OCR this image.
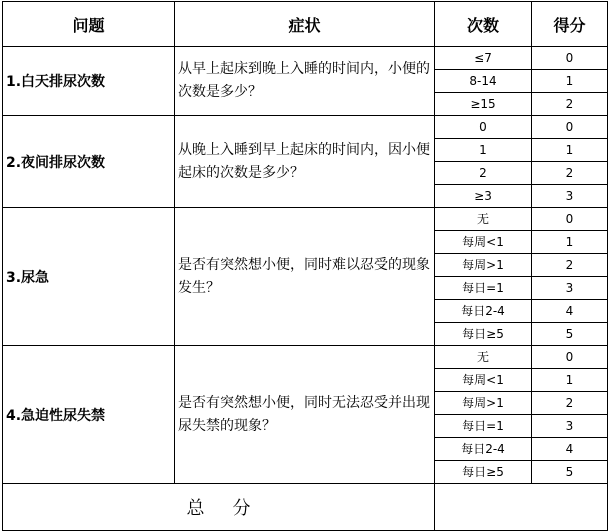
问题	症状	次数	得分
1.白天排尿次数	从早上起床到晚上入睡的时间内，小便的次数是多少？	≤7	0
		8-14	1
		≥15	2
2.夜间排尿次数	从晚上入睡到早上起床的时间内，因小便 起床的次数是多少？	0	0
		1	1
		2	2
		≥3	3
3.尿急	是否有突然想小便，同时难以忍受的现象发生？	无	0
		每周<1	1
		每周>1	2
		每日=1	3
		每日2-4	4
		每日≥5	5
4.急迫性尿失禁	是否有突然想小便，同时无法忍受并出现尿失禁的现象？	无	0
		每周<1	1
		每周>1	2
		每日=1	3
		每日2-4	4
		每日≥5	5
总 分			
